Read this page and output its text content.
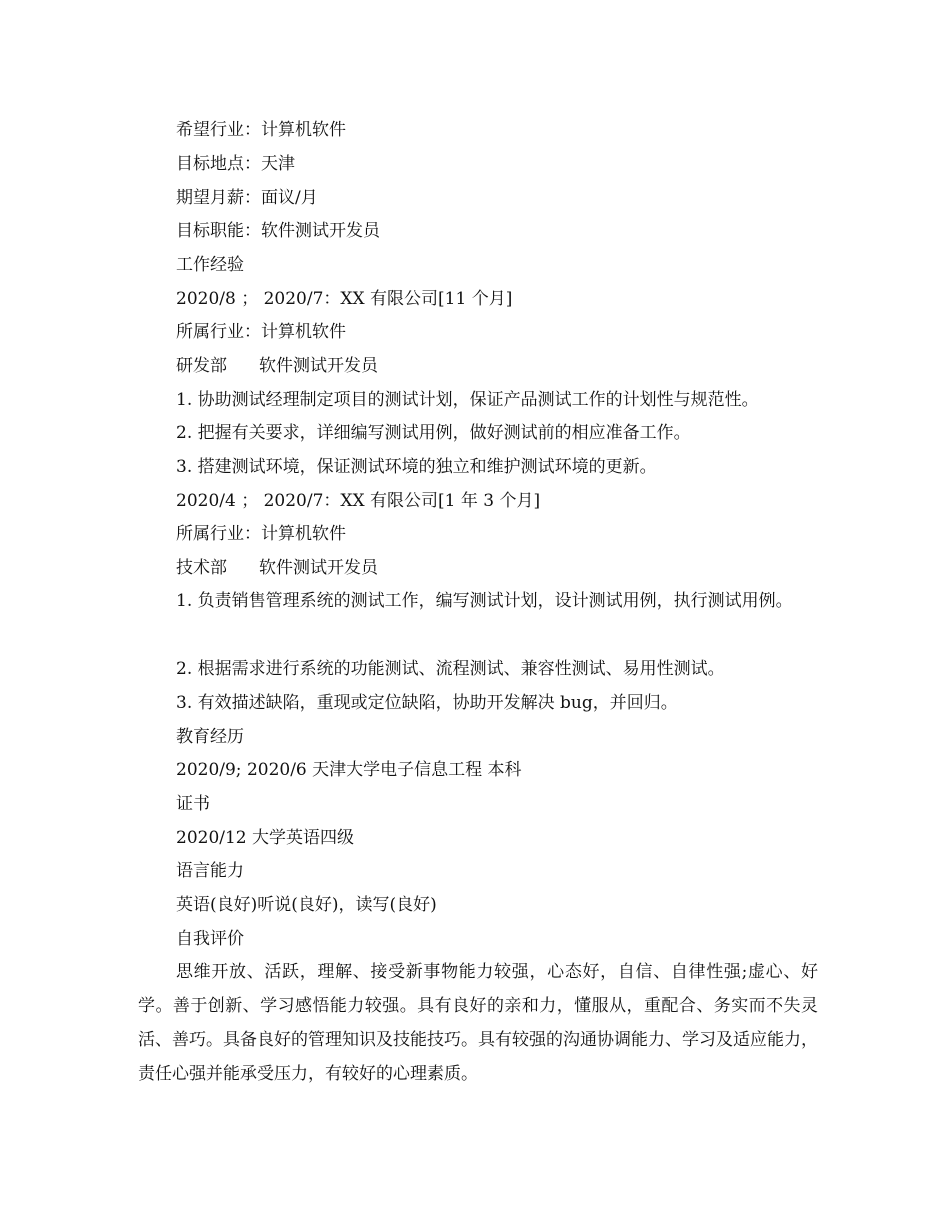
希望行业：计算机软件
目标地点：天津
期望月薪：面议/月
目标职能：软件测试开发员
工作经验
2020/8 ； 2020/7：XX 有限公司[11 个月]
所属行业：计算机软件
研发部 软件测试开发员
1. 协助测试经理制定项目的测试计划，保证产品测试工作的计划性与规范性。
2. 把握有关要求，详细编写测试用例，做好测试前的相应准备工作。
3. 搭建测试环境，保证测试环境的独立和维护测试环境的更新。
2020/4 ； 2020/7：XX 有限公司[1 年 3 个月]
所属行业：计算机软件
技术部 软件测试开发员
1. 负责销售管理系统的测试工作，编写测试计划，设计测试用例，执行测试用例。
2. 根据需求进行系统的功能测试、流程测试、兼容性测试、易用性测试。
3. 有效描述缺陷，重现或定位缺陷，协助开发解决 bug，并回归。
教育经历
2020/9; 2020/6 天津大学电子信息工程 本科
证书
2020/12 大学英语四级
语言能力
英语(良好)听说(良好)，读写(良好)
自我评价
思维开放、活跃，理解、接受新事物能力较强，心态好，自信、自律性强;虚心、好学。善于创新、学习感悟能力较强。具有良好的亲和力，懂服从，重配合、务实而不失灵活、善巧。具备良好的管理知识及技能技巧。具有较强的沟通协调能力、学习及适应能力，责任心强并能承受压力，有较好的心理素质。
